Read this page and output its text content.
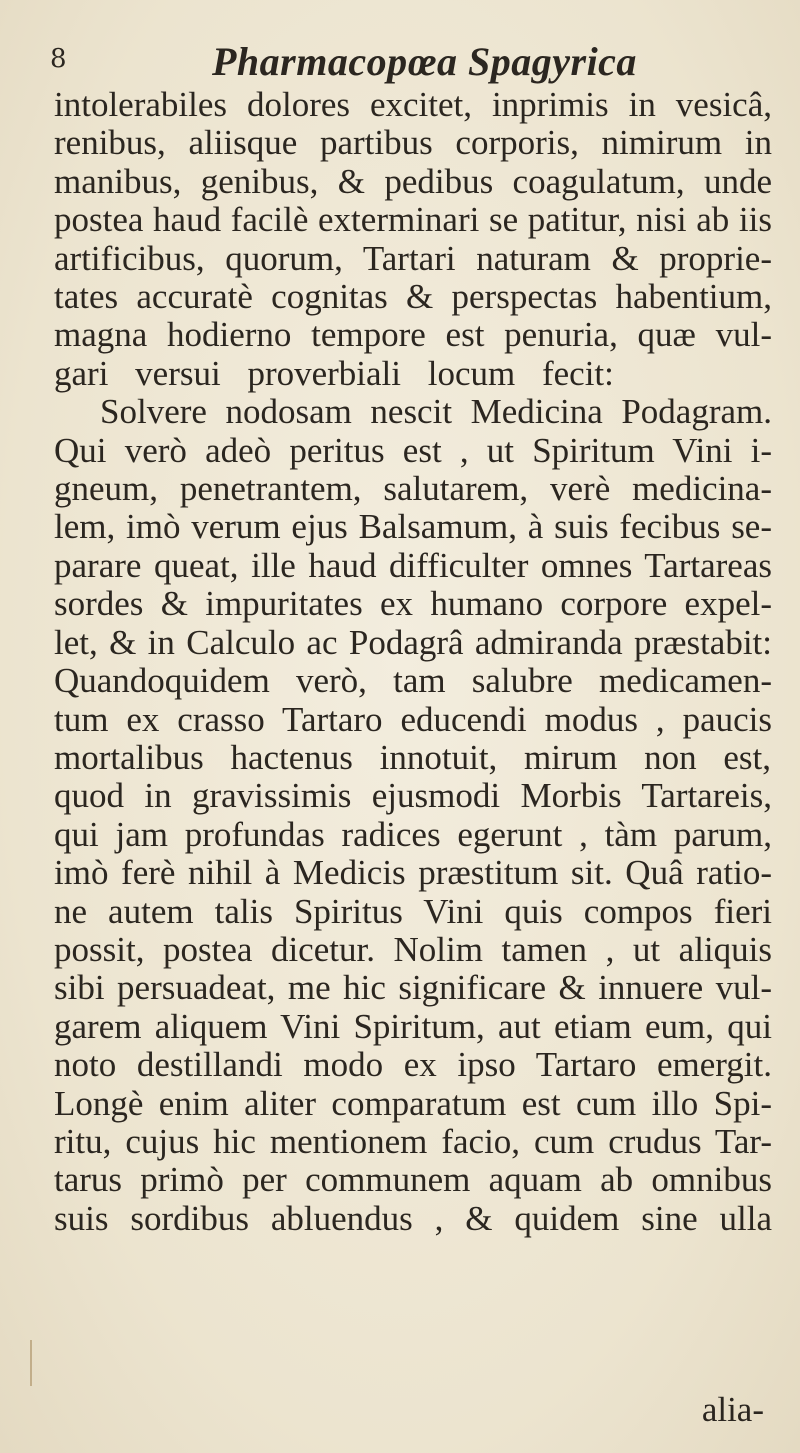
8	Pharmacopœa Spagyrica
intolerabiles dolores excitet, inprimis in vesicâ,
renibus, aliisque partibus corporis, nimirum in
manibus, genibus, & pedibus coagulatum, unde
postea haud facilè exterminari se patitur, nisi ab iis
artificibus, quorum, Tartari naturam & proprie-
tates accuratè cognitas & perspectas habentium,
magna hodierno tempore est penuria, quæ vul-
gari versui proverbiali locum fecit:
Solvere nodosam nescit Medicina Podagram.
Qui verò adeò peritus est , ut Spiritum Vini i-
gneum, penetrantem, salutarem, verè medicina-
lem, imò verum ejus Balsamum, à suis fecibus se-
parare queat, ille haud difficulter omnes Tartareas
sordes & impuritates ex humano corpore expel-
let, & in Calculo ac Podagrâ admiranda præstabit:
Quandoquidem verò, tam salubre medicamen-
tum ex crasso Tartaro educendi modus , paucis
mortalibus hactenus innotuit, mirum non est,
quod in gravissimis ejusmodi Morbis Tartareis,
qui jam profundas radices egerunt , tàm parum,
imò ferè nihil à Medicis præstitum sit. Quâ ratio-
ne autem talis Spiritus Vini quis compos fieri
possit, postea dicetur. Nolim tamen , ut aliquis
sibi persuadeat, me hic significare & innuere vul-
garem aliquem Vini Spiritum, aut etiam eum, qui
noto destillandi modo ex ipso Tartaro emergit.
Longè enim aliter comparatum est cum illo Spi-
ritu, cujus hic mentionem facio, cum crudus Tar-
tarus primò per communem aquam ab omnibus
suis sordibus abluendus , & quidem sine ulla
alia-
